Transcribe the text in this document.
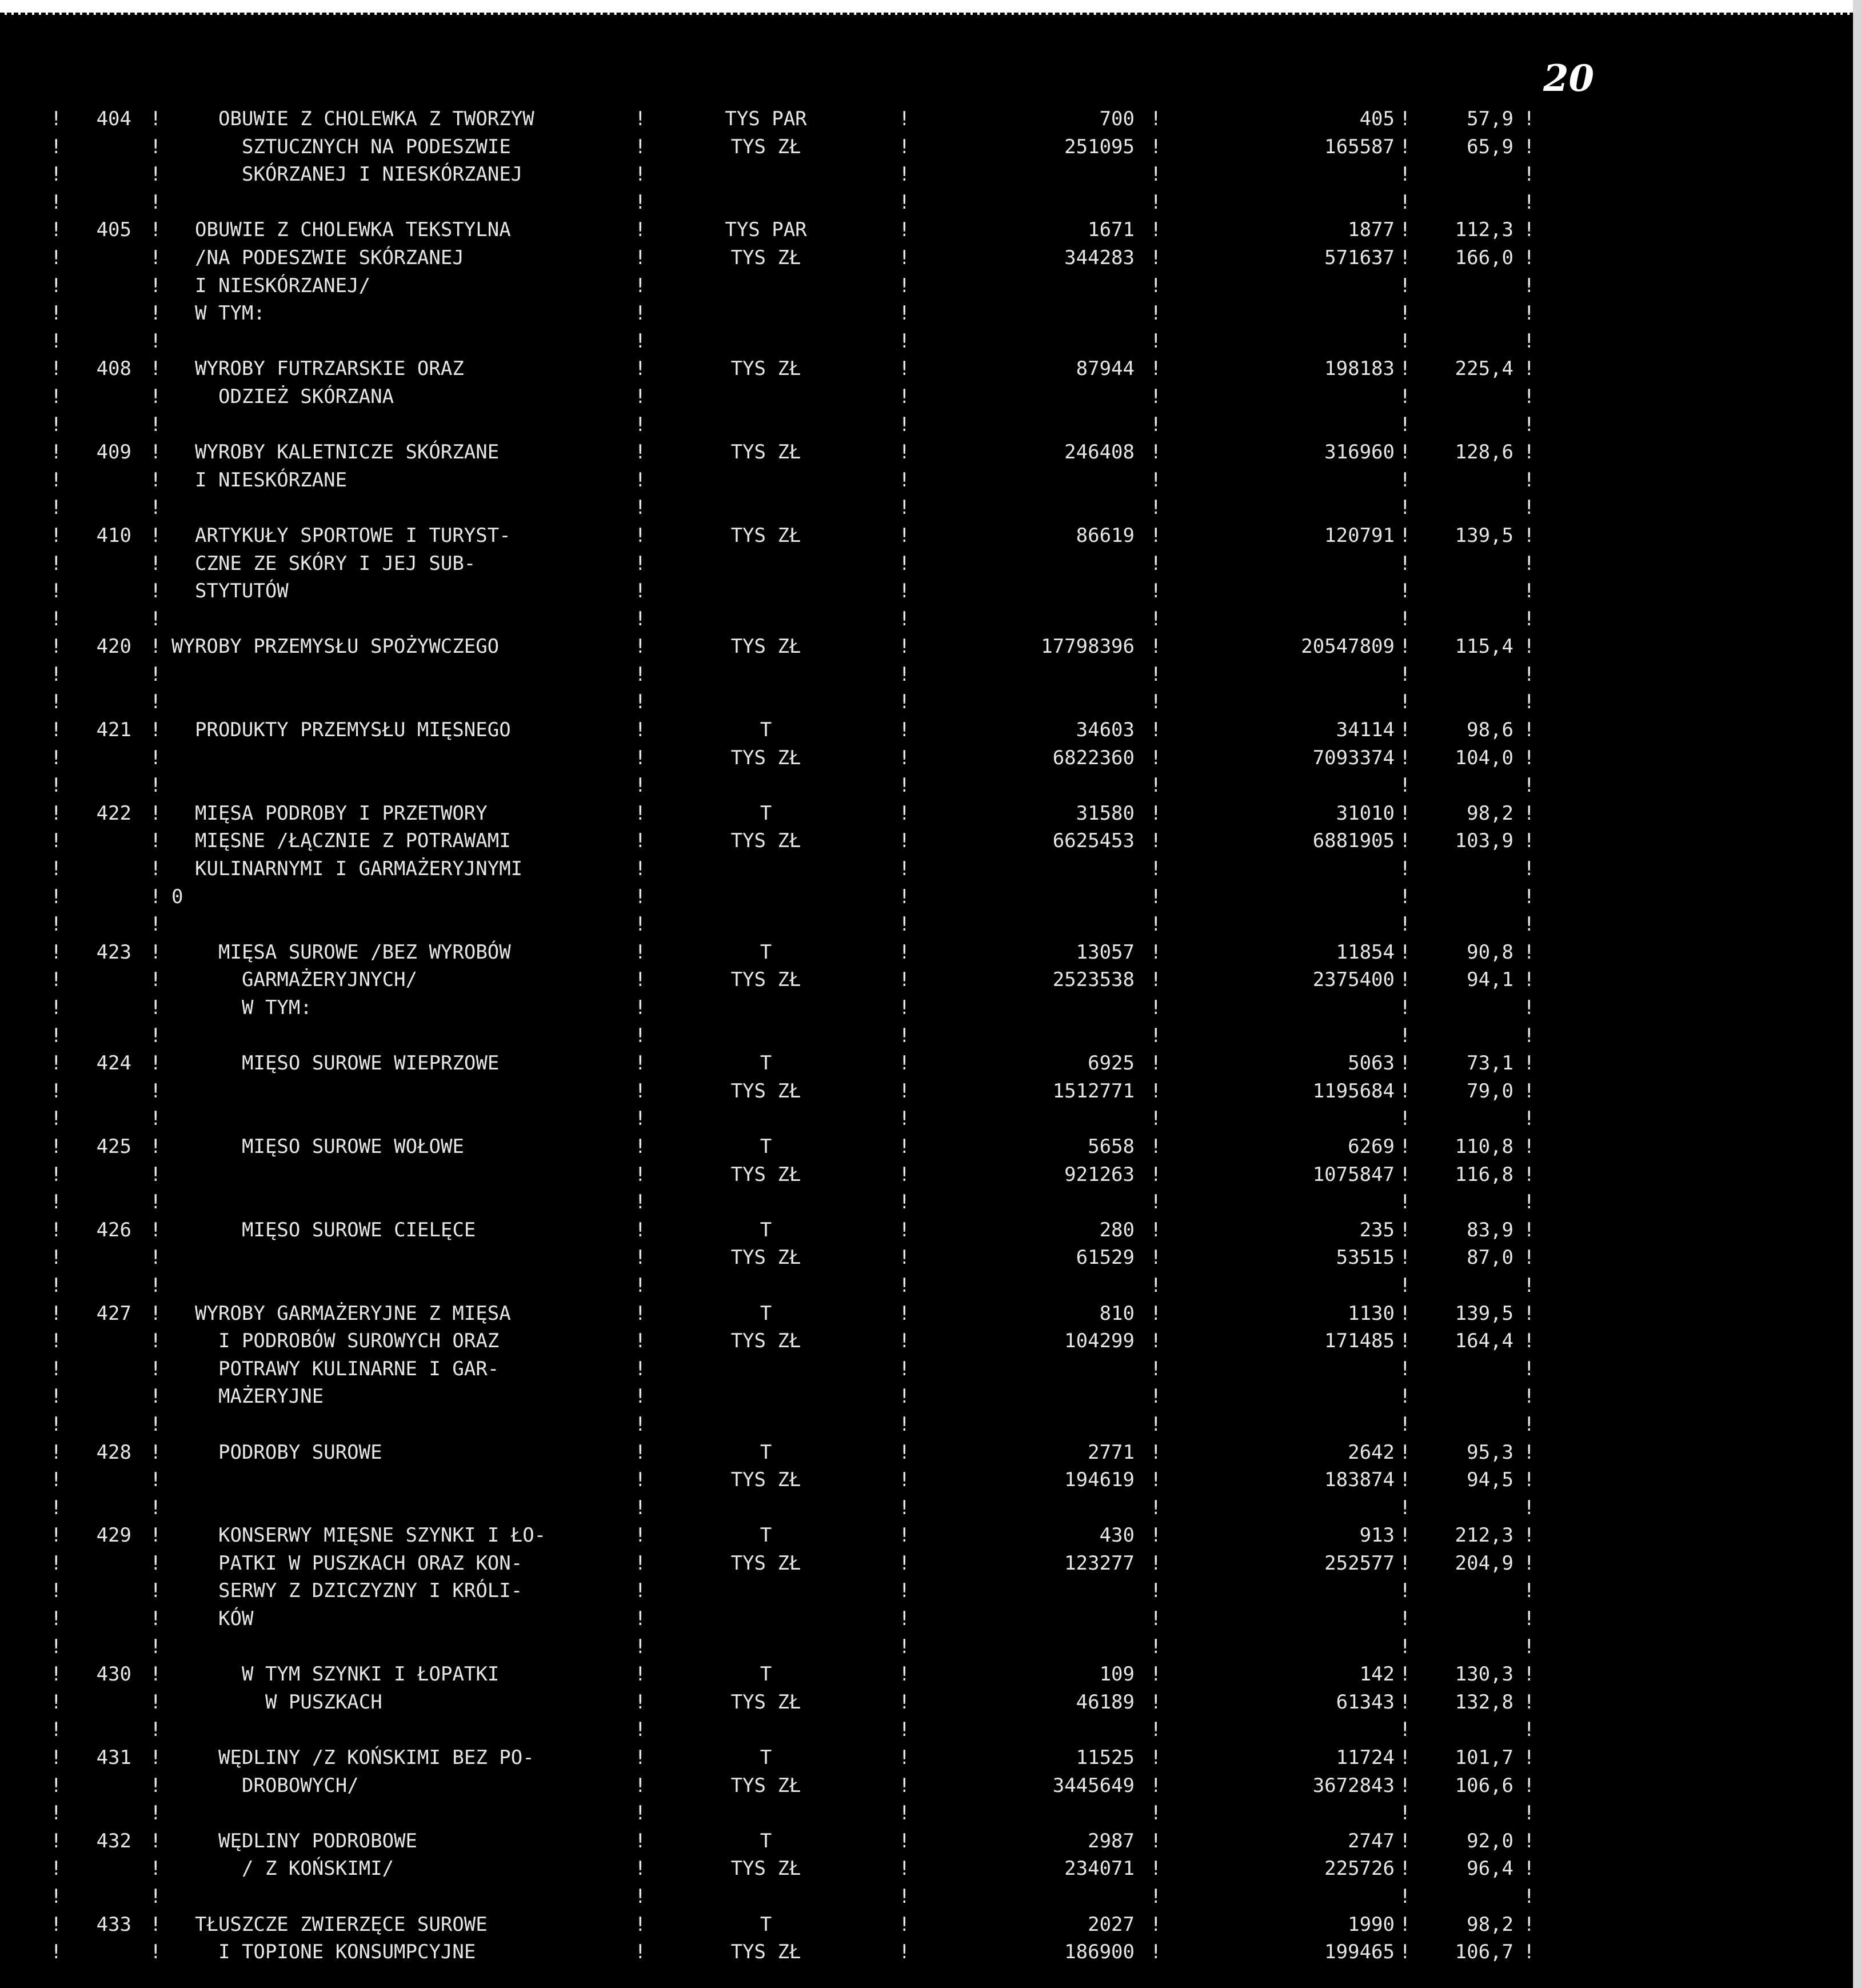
20
!	!	!	!	!	!	!
404	OBUWIE Z CHOLEWKA Z TWORZYW	TYS PAR	700	405	57,9
!	!	!	!	!	!	!
SZTUCZNYCH NA PODESZWIE	TYS ZŁ	251095	165587	65,9
!	!	!	!	!	!	!
SKÓRZANEJ I NIESKÓRZANEJ
!	!	!	!	!	!	!
!	!	!	!	!	!	!
405	OBUWIE Z CHOLEWKA TEKSTYLNA	TYS PAR	1671	1877	112,3
!	!	!	!	!	!	!
/NA PODESZWIE SKÓRZANEJ	TYS ZŁ	344283	571637	166,0
!	!	!	!	!	!	!
I NIESKÓRZANEJ/
!	!	!	!	!	!	!
W TYM:
!	!	!	!	!	!	!
!	!	!	!	!	!	!
408	WYROBY FUTRZARSKIE ORAZ	TYS ZŁ	87944	198183	225,4
!	!	!	!	!	!	!
ODZIEŻ SKÓRZANA
!	!	!	!	!	!	!
!	!	!	!	!	!	!
409	WYROBY KALETNICZE SKÓRZANE	TYS ZŁ	246408	316960	128,6
!	!	!	!	!	!	!
I NIESKÓRZANE
!	!	!	!	!	!	!
!	!	!	!	!	!	!
410	ARTYKUŁY SPORTOWE I TURYST-	TYS ZŁ	86619	120791	139,5
!	!	!	!	!	!	!
CZNE ZE SKÓRY I JEJ SUB-
!	!	!	!	!	!	!
STYTUTÓW
!	!	!	!	!	!	!
!	!	!	!	!	!	!
420 WYROBY PRZEMYSŁU SPOŻYWCZEGO	TYS ZŁ	17798396	20547809	115,4
!	!	!	!	!	!	!
!	!	!	!	!	!	!
!	!	!	!	!	!	!
421	PRODUKTY PRZEMYSŁU MIĘSNEGO	T	34603	34114	98,6
!	!	!	!	!	!	!
TYS ZŁ	6822360	7093374	104,0
!	!	!	!	!	!	!
!	!	!	!	!	!	!
422	MIĘSA PODROBY I PRZETWORY	T	31580	31010	98,2
!	!	!	!	!	!	!
MIĘSNE /ŁĄCZNIE Z POTRAWAMI	TYS ZŁ	6625453	6881905	103,9
!	!	!	!	!	!	!
KULINARNYMI I GARMAŻERYJNYMI
!	!	!	!	!	!	!
0
!	!	!	!	!	!	!
!	!	!	!	!	!	!
423	MIĘSA SUROWE /BEZ WYROBÓW	T	13057	11854	90,8
!	!	!	!	!	!	!
GARMAŻERYJNYCH/	TYS ZŁ	2523538	2375400	94,1
!	!	!	!	!	!	!
W TYM:
!	!	!	!	!	!	!
!	!	!	!	!	!	!
424	MIĘSO SUROWE WIEPRZOWE	T	6925	5063	73,1
!	!	!	!	!	!	!
TYS ZŁ	1512771	1195684	79,0
!	!	!	!	!	!	!
!	!	!	!	!	!	!
425	MIĘSO SUROWE WOŁOWE	T	5658	6269	110,8
!	!	!	!	!	!	!
TYS ZŁ	921263	1075847	116,8
!	!	!	!	!	!	!
!	!	!	!	!	!	!
426	MIĘSO SUROWE CIELĘCE	T	280	235	83,9
!	!	!	!	!	!	!
TYS ZŁ	61529	53515	87,0
!	!	!	!	!	!	!
!	!	!	!	!	!	!
427	WYROBY GARMAŻERYJNE Z MIĘSA	T	810	1130	139,5
!	!	!	!	!	!	!
I PODROBÓW SUROWYCH ORAZ	TYS ZŁ	104299	171485	164,4
!	!	!	!	!	!	!
POTRAWY KULINARNE I GAR-
!	!	!	!	!	!	!
MAŻERYJNE
!	!	!	!	!	!	!
!	!	!	!	!	!	!
428	PODROBY SUROWE	T	2771	2642	95,3
!	!	!	!	!	!	!
TYS ZŁ	194619	183874	94,5
!	!	!	!	!	!	!
!	!	!	!	!	!	!
429	KONSERWY MIĘSNE SZYNKI I ŁO-	T	430	913	212,3
!	!	!	!	!	!	!
PATKI W PUSZKACH ORAZ KON-	TYS ZŁ	123277	252577	204,9
!	!	!	!	!	!	!
SERWY Z DZICZYZNY I KRÓLI-
!	!	!	!	!	!	!
KÓW
!	!	!	!	!	!	!
!	!	!	!	!	!	!
430	W TYM SZYNKI I ŁOPATKI	T	109	142	130,3
!	!	!	!	!	!	!
W PUSZKACH	TYS ZŁ	46189	61343	132,8
!	!	!	!	!	!	!
!	!	!	!	!	!	!
431	WĘDLINY /Z KOŃSKIMI BEZ PO-	T	11525	11724	101,7
!	!	!	!	!	!	!
DROBOWYCH/	TYS ZŁ	3445649	3672843	106,6
!	!	!	!	!	!	!
!	!	!	!	!	!	!
432	WĘDLINY PODROBOWE	T	2987	2747	92,0
!	!	!	!	!	!	!
/ Z KOŃSKIMI/	TYS ZŁ	234071	225726	96,4
!	!	!	!	!	!	!
!	!	!	!	!	!	!
433	TŁUSZCZE ZWIERZĘCE SUROWE	T	2027	1990	98,2
!	!	!	!	!	!	!
I TOPIONE KONSUMPCYJNE	TYS ZŁ	186900	199465	106,7
